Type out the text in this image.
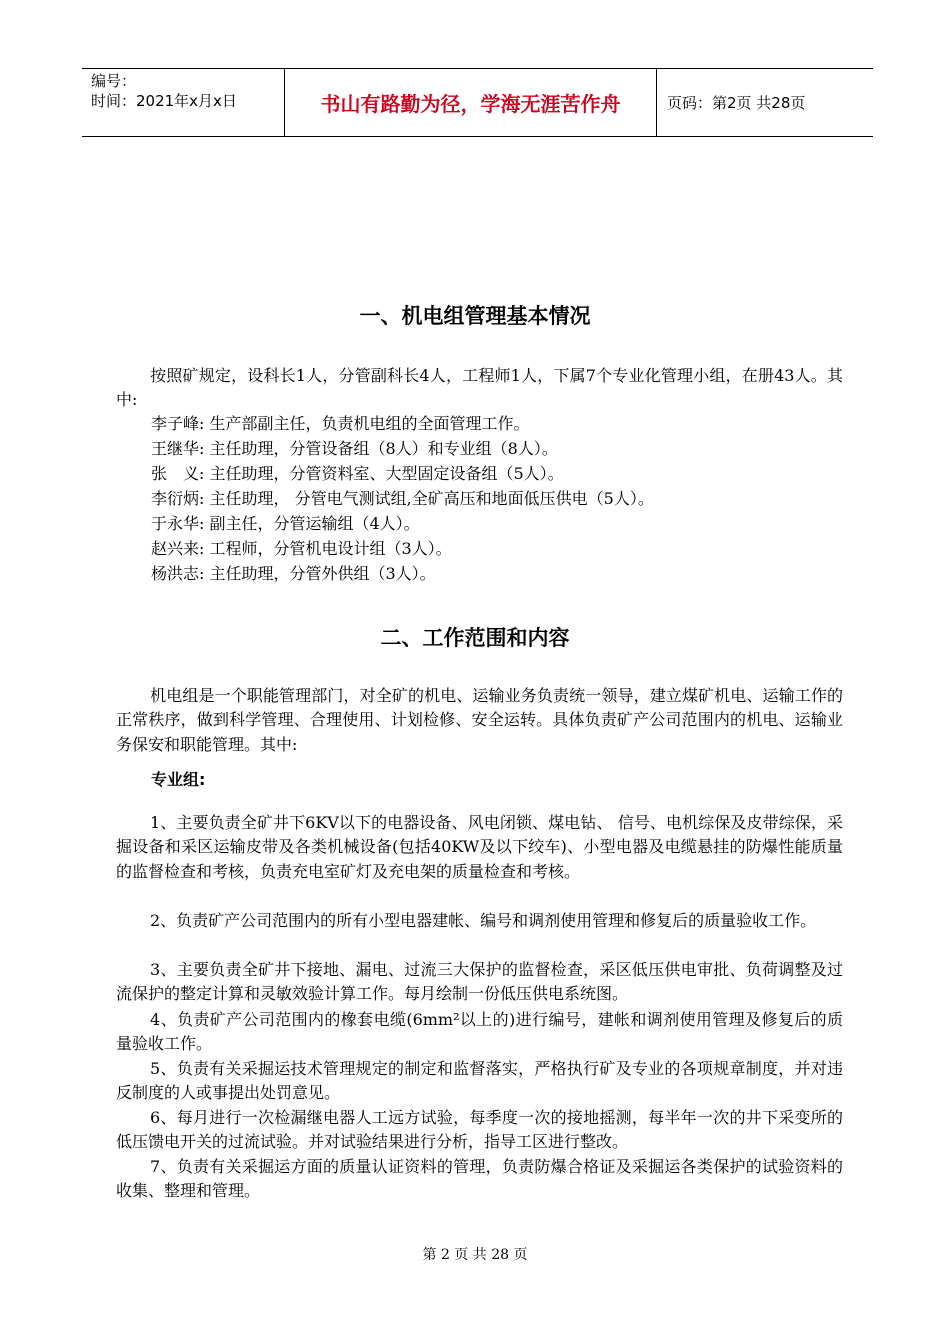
编号：
时间：2021年x月x日	书山有路勤为径，学海无涯苦作舟	页码：第2页 共28页
一、机电组管理基本情况
按照矿规定，设科长1人，分管副科长4人，工程师1人，下属7个专业化管理小组，在册43人。其中:
李子峰: 生产部副主任，负责机电组的全面管理工作。
王继华: 主任助理，分管设备组（8人）和专业组（8人）。
张　义: 主任助理，分管资料室、大型固定设备组（5人）。
李衍炳: 主任助理， 分管电气测试组,全矿高压和地面低压供电（5人）。
于永华: 副主任，分管运输组（4人）。
赵兴来: 工程师，分管机电设计组（3人）。
杨洪志: 主任助理，分管外供组（3人）。
二、工作范围和内容
机电组是一个职能管理部门，对全矿的机电、运输业务负责统一领导，建立煤矿机电、运输工作的正常秩序，做到科学管理、合理使用、计划检修、安全运转。具体负责矿产公司范围内的机电、运输业务保安和职能管理。其中:
专业组:
1、主要负责全矿井下6KV以下的电器设备、风电闭锁、煤电钻、 信号、电机综保及皮带综保，采掘设备和采区运输皮带及各类机械设备(包括40KW及以下绞车)、小型电器及电缆悬挂的防爆性能质量的监督检查和考核，负责充电室矿灯及充电架的质量检查和考核。
2、负责矿产公司范围内的所有小型电器建帐、编号和调剂使用管理和修复后的质量验收工作。
3、主要负责全矿井下接地、漏电、过流三大保护的监督检查，采区低压供电审批、负荷调整及过流保护的整定计算和灵敏效验计算工作。每月绘制一份低压供电系统图。
4、负责矿产公司范围内的橡套电缆(6mm²以上的)进行编号，建帐和调剂使用管理及修复后的质量验收工作。
5、负责有关采掘运技术管理规定的制定和监督落实，严格执行矿及专业的各项规章制度，并对违反制度的人或事提出处罚意见。
6、每月进行一次检漏继电器人工远方试验，每季度一次的接地摇测，每半年一次的井下采变所的低压馈电开关的过流试验。并对试验结果进行分析，指导工区进行整改。
7、负责有关采掘运方面的质量认证资料的管理，负责防爆合格证及采掘运各类保护的试验资料的收集、整理和管理。
第 2 页 共 28 页
